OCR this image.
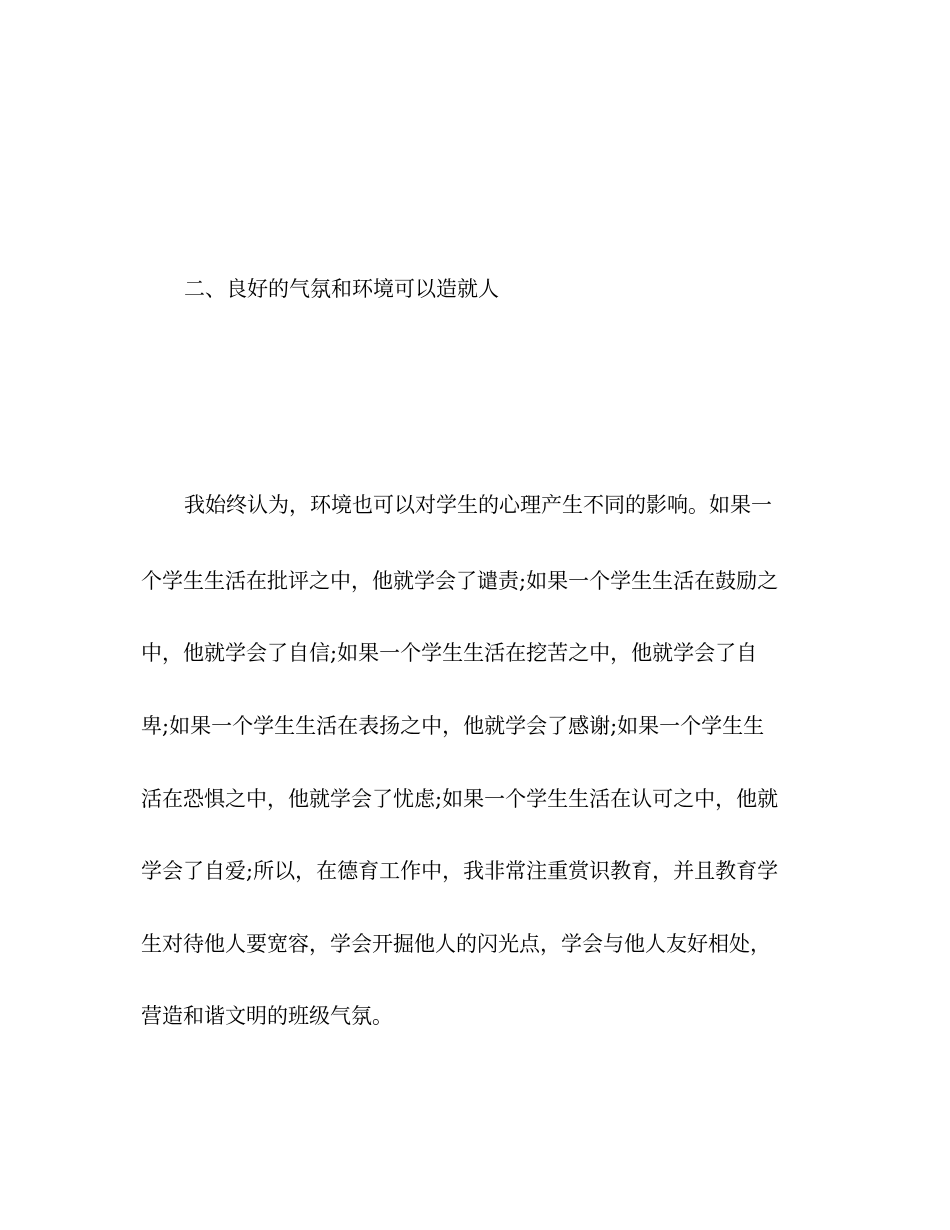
二、良好的气氛和环境可以造就人

我始终认为，环境也可以对学生的心理产生不同的影响。如果一

个学生生活在批评之中，他就学会了谴责;如果一个学生生活在鼓励之

中，他就学会了自信;如果一个学生生活在挖苦之中，他就学会了自

卑;如果一个学生生活在表扬之中，他就学会了感谢;如果一个学生生

活在恐惧之中，他就学会了忧虑;如果一个学生生活在认可之中，他就

学会了自爱;所以，在德育工作中，我非常注重赏识教育，并且教育学

生对待他人要宽容，学会开掘他人的闪光点，学会与他人友好相处，

营造和谐文明的班级气氛。
